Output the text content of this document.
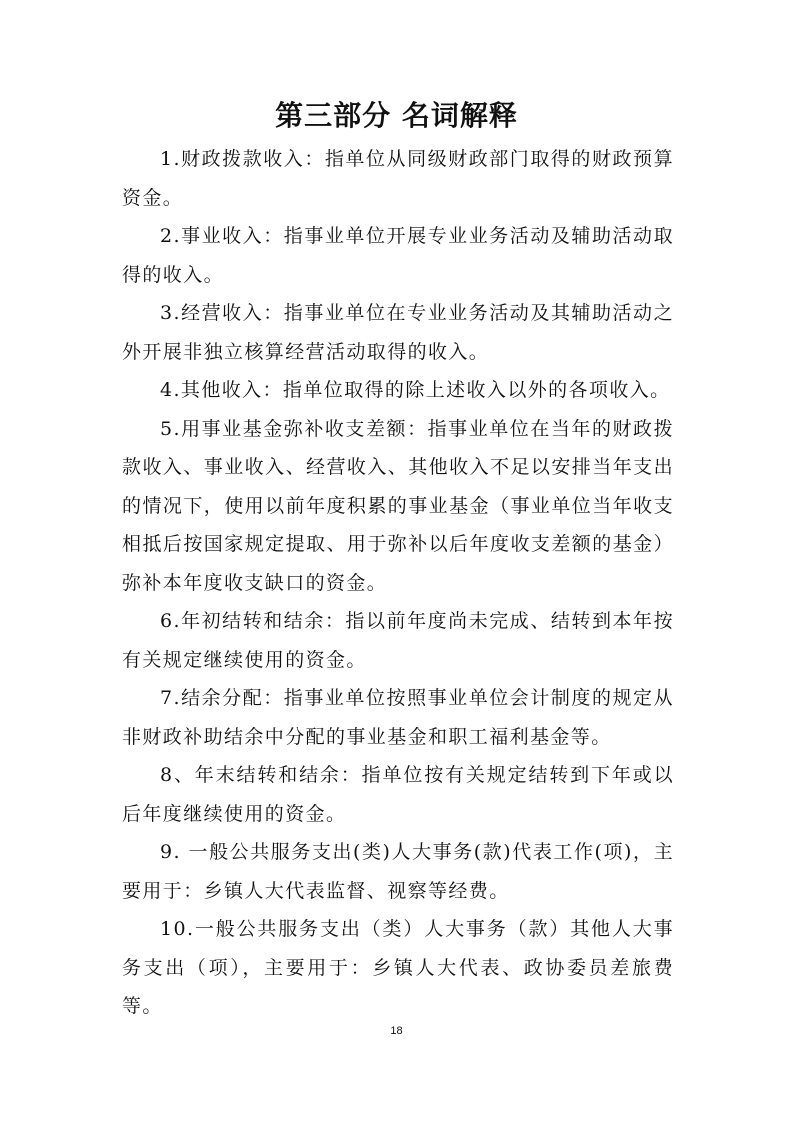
第三部分 名词解释

1.财政拨款收入：指单位从同级财政部门取得的财政预算资金。

2.事业收入：指事业单位开展专业业务活动及辅助活动取得的收入。

3.经营收入：指事业单位在专业业务活动及其辅助活动之外开展非独立核算经营活动取得的收入。

4.其他收入：指单位取得的除上述收入以外的各项收入。

5.用事业基金弥补收支差额：指事业单位在当年的财政拨款收入、事业收入、经营收入、其他收入不足以安排当年支出的情况下，使用以前年度积累的事业基金（事业单位当年收支相抵后按国家规定提取、用于弥补以后年度收支差额的基金）弥补本年度收支缺口的资金。

6.年初结转和结余：指以前年度尚未完成、结转到本年按有关规定继续使用的资金。

7.结余分配：指事业单位按照事业单位会计制度的规定从非财政补助结余中分配的事业基金和职工福利基金等。

8、年末结转和结余：指单位按有关规定结转到下年或以后年度继续使用的资金。

9. 一般公共服务支出(类)人大事务(款)代表工作(项)，主要用于：乡镇人大代表监督、视察等经费。

10.一般公共服务支出（类）人大事务（款）其他人大事务支出（项），主要用于：乡镇人大代表、政协委员差旅费等。

18
